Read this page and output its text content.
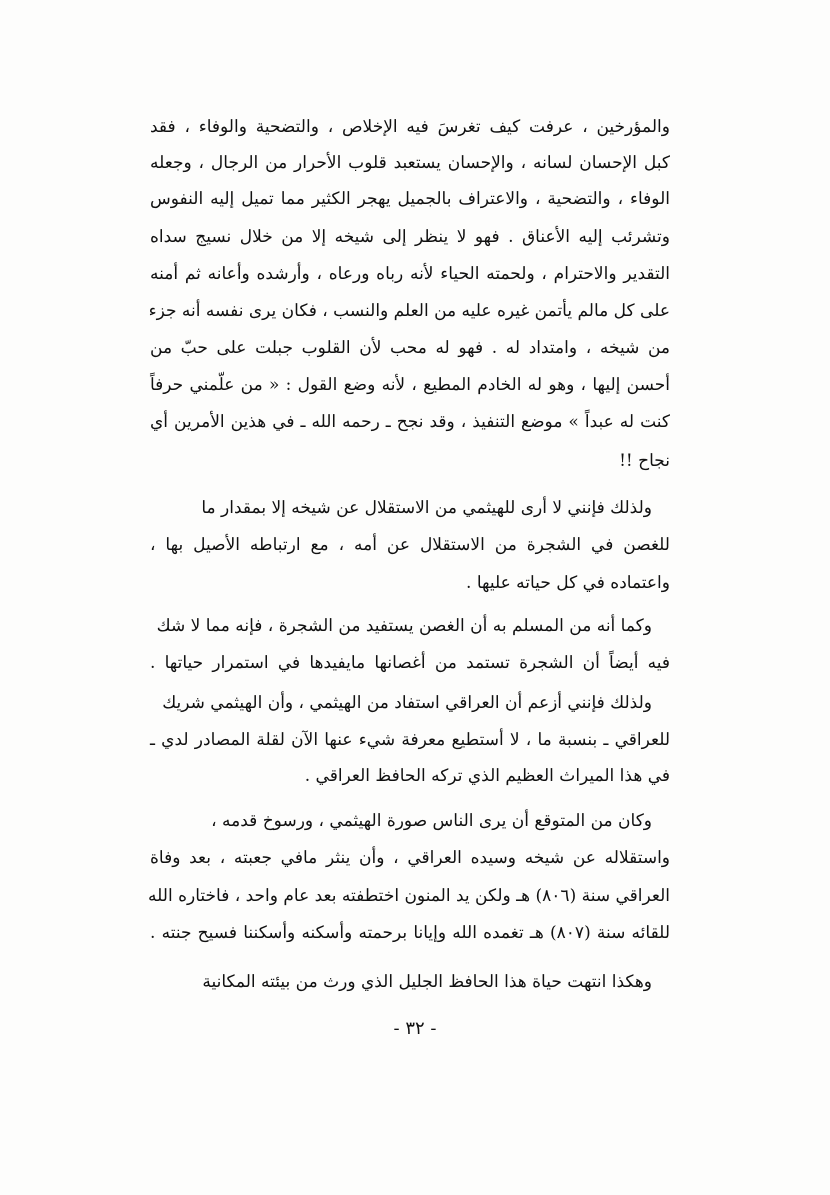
والمؤرخين ، عرفت كيف تغرسَ فيه الإخلاص ، والتضحية والوفاء ، فقد
كبل الإحسان لسانه ، والإحسان يستعبد قلوب الأحرار من الرجال ، وجعله
الوفاء ، والتضحية ، والاعتراف بالجميل يهجر الكثير مما تميل إليه النفوس
وتشرئب إليه الأعناق . فهو لا ينظر إلى شيخه إلا من خلال نسيج سداه
التقدير والاحترام ، ولحمته الحياء لأنه رباه ورعاه ، وأرشده وأعانه ثم أمنه
على كل مالم يأتمن غيره عليه من العلم والنسب ، فكان يرى نفسه أنه جزء
من شيخه ، وامتداد له . فهو له محب لأن القلوب جبلت على حبّ من
أحسن إليها ، وهو له الخادم المطيع ، لأنه وضع القول : « من علّمني حرفاً
كنت له عبداً » موضع التنفيذ ، وقد نجح ـ رحمه الله ـ في هذين الأمرين أي
نجاح !!
ولذلك فإنني لا أرى للهيثمي من الاستقلال عن شيخه إلا بمقدار ما
للغصن في الشجرة من الاستقلال عن أمه ، مع ارتباطه الأصيل بها ،
واعتماده في كل حياته عليها .
وكما أنه من المسلم به أن الغصن يستفيد من الشجرة ، فإنه مما لا شك
فيه أيضاً أن الشجرة تستمد من أغصانها مايفيدها في استمرار حياتها .
ولذلك فإنني أزعم أن العراقي استفاد من الهيثمي ، وأن الهيثمي شريك
للعراقي ـ بنسبة ما ، لا أستطيع معرفة شيء عنها الآن لقلة المصادر لدي ـ
في هذا الميراث العظيم الذي تركه الحافظ العراقي .
وكان من المتوقع أن يرى الناس صورة الهيثمي ، ورسوخ قدمه ،
واستقلاله عن شيخه وسيده العراقي ، وأن ينثر مافي جعبته ، بعد وفاة
العراقي سنة (٨٠٦) هـ ولكن يد المنون اختطفته بعد عام واحد ، فاختاره الله
للقائه سنة (٨٠٧) هـ تغمده الله وإيانا برحمته وأسكنه وأسكننا فسيح جنته .
وهكذا انتهت حياة هذا الحافظ الجليل الذي ورث من بيئته المكانية
- ٣٢ -
